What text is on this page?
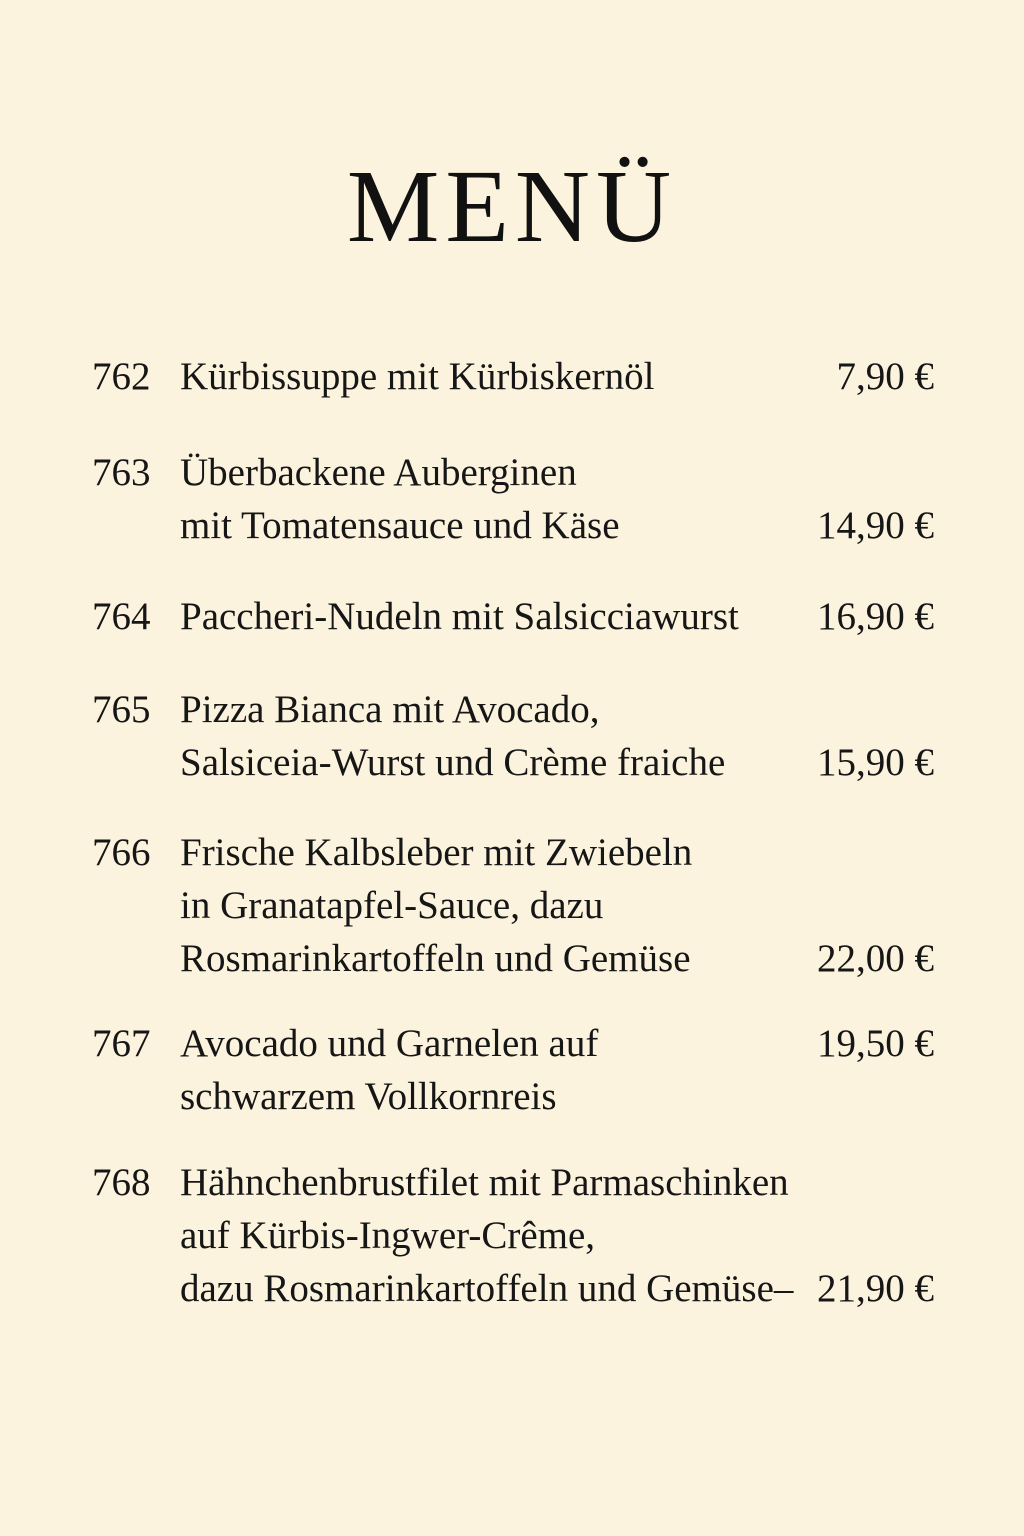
MENÜ
762 Kürbissuppe mit Kürbiskernöl	7,90 €
763 Überbackene Auberginen
mit Tomatensauce und Käse	14,90 €
764 Paccheri-Nudeln mit Salsicciawurst 16,90 €
765 Pizza Bianca mit Avocado,
Salsiceia-Wurst und Crème fraiche 15,90 €
766 Frische Kalbsleber mit Zwiebeln
in Granatapfel-Sauce, dazu
Rosmarinkartoffeln und Gemüse	22,00 €
767 Avocado und Garnelen auf
schwarzem Vollkornreis
19,50 €
768 Hähnchenbrustfilet mit Parmaschinken
auf Kürbis-Ingwer-Crême,
dazu Rosmarinkartoffeln und Gemüse– 21,90 €
